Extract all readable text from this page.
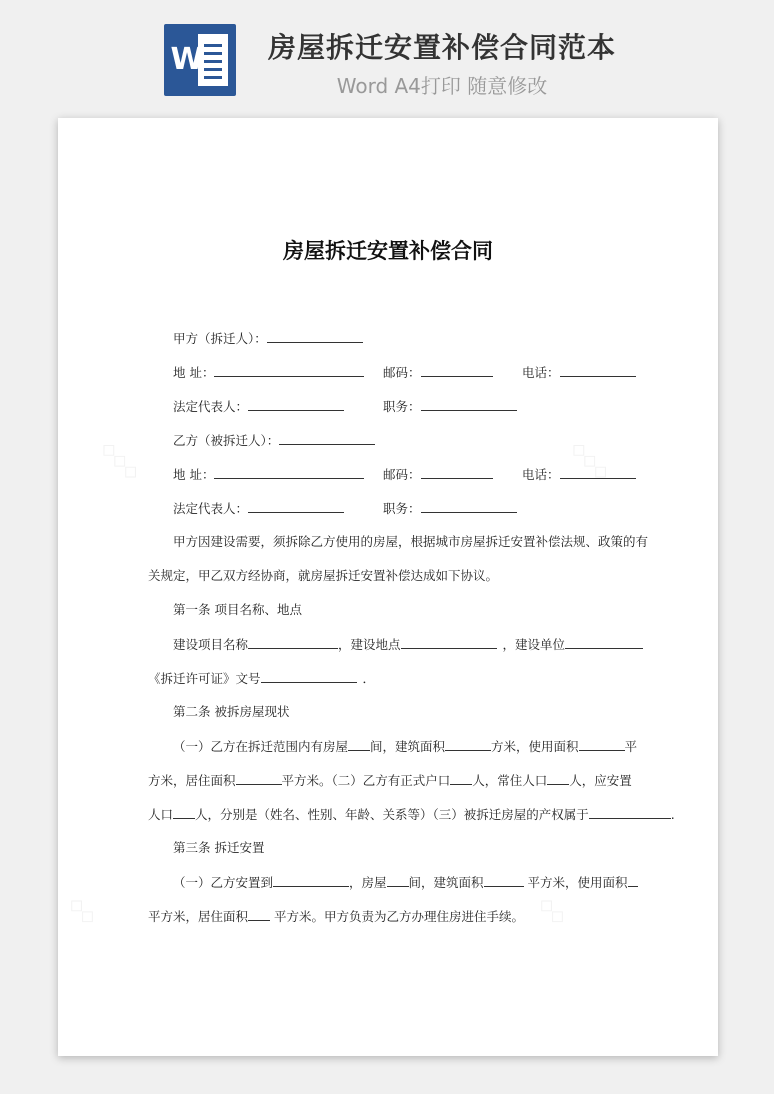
W	房屋拆迁安置补偿合同范本
Word A4打印 随意修改
◇◇◇	◇◇◇
◇◇	◇◇
房屋拆迁安置补偿合同
甲方（拆迁人）：
地 址：	邮码：	电话：
法定代表人：	职务：
乙方（被拆迁人）：
地 址：	邮码：	电话：
法定代表人：	职务：
甲方因建设需要，须拆除乙方使用的房屋，根据城市房屋拆迁安置补偿法规、政策的有
关规定，甲乙双方经协商，就房屋拆迁安置补偿达成如下协议。
第一条 项目名称、地点
建设项目名称	，建设地点	，建设单位
《拆迁许可证》文号	．
第二条 被拆房屋现状
（一）乙方在拆迁范围内有房屋 间，建筑面积	方米，使用面积	平
方米，居住面积	平方米。（二）乙方有正式户口 人，常住人口 人，应安置
人口 人，分别是（姓名、性别、年龄、关系等）（三）被拆迁房屋的产权属于	.
第三条 拆迁安置
（一）乙方安置到	，房屋 间，建筑面积	平方米，使用面积
平方米，居住面积 平方米。甲方负责为乙方办理住房进住手续。
